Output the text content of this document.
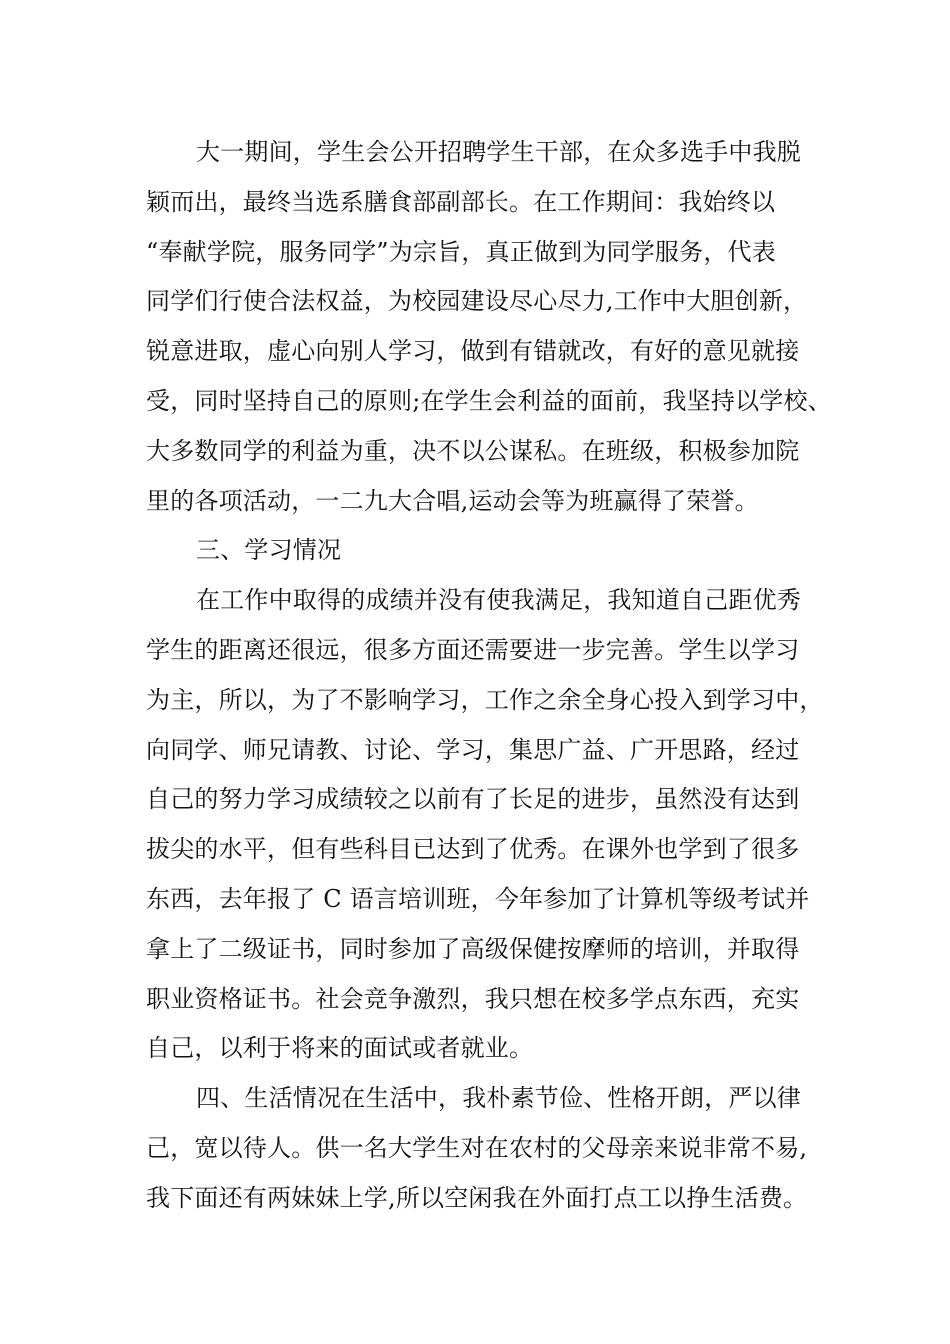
大一期间，学生会公开招聘学生干部，在众多选手中我脱
颖而出，最终当选系膳食部副部长。在工作期间：我始终以
“奉献学院，服务同学”为宗旨，真正做到为同学服务，代表
同学们行使合法权益，为校园建设尽心尽力,工作中大胆创新，
锐意进取，虚心向别人学习，做到有错就改，有好的意见就接
受，同时坚持自己的原则;在学生会利益的面前，我坚持以学校、
大多数同学的利益为重，决不以公谋私。在班级，积极参加院
里的各项活动，一二九大合唱,运动会等为班赢得了荣誉。
三、学习情况
在工作中取得的成绩并没有使我满足，我知道自己距优秀
学生的距离还很远，很多方面还需要进一步完善。学生以学习
为主，所以，为了不影响学习，工作之余全身心投入到学习中，
向同学、师兄请教、讨论、学习，集思广益、广开思路，经过
自己的努力学习成绩较之以前有了长足的进步，虽然没有达到
拔尖的水平，但有些科目已达到了优秀。在课外也学到了很多
东西，去年报了 C 语言培训班，今年参加了计算机等级考试并
拿上了二级证书，同时参加了高级保健按摩师的培训，并取得
职业资格证书。社会竞争激烈，我只想在校多学点东西，充实
自己，以利于将来的面试或者就业。
四、生活情况在生活中，我朴素节俭、性格开朗，严以律
己，宽以待人。供一名大学生对在农村的父母亲来说非常不易,
我下面还有两妹妹上学,所以空闲我在外面打点工以挣生活费。
